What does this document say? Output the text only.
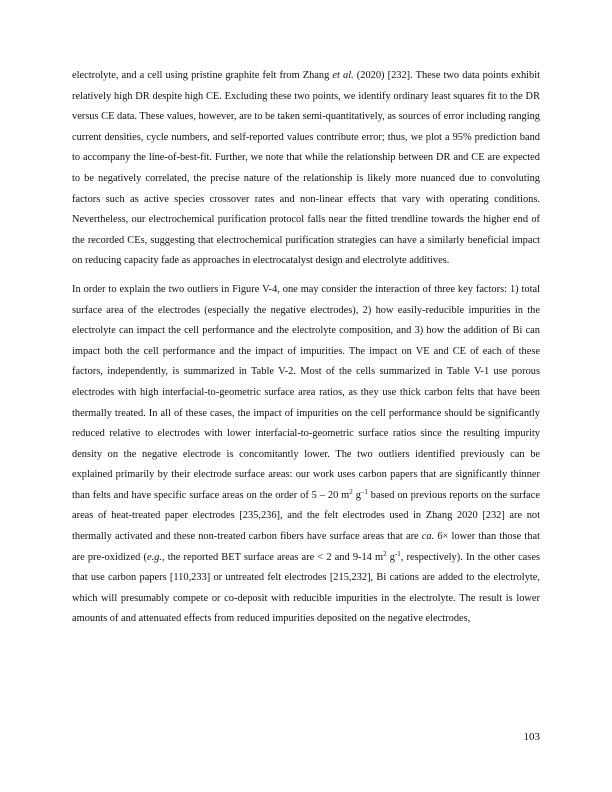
electrolyte, and a cell using pristine graphite felt from Zhang et al. (2020) [232]. These two data points exhibit relatively high DR despite high CE. Excluding these two points, we identify ordinary least squares fit to the DR versus CE data. These values, however, are to be taken semi-quantitatively, as sources of error including ranging current densities, cycle numbers, and self-reported values contribute error; thus, we plot a 95% prediction band to accompany the line-of-best-fit. Further, we note that while the relationship between DR and CE are expected to be negatively correlated, the precise nature of the relationship is likely more nuanced due to convoluting factors such as active species crossover rates and non-linear effects that vary with operating conditions. Nevertheless, our electrochemical purification protocol falls near the fitted trendline towards the higher end of the recorded CEs, suggesting that electrochemical purification strategies can have a similarly beneficial impact on reducing capacity fade as approaches in electrocatalyst design and electrolyte additives.

In order to explain the two outliers in Figure V-4, one may consider the interaction of three key factors: 1) total surface area of the electrodes (especially the negative electrodes), 2) how easily-reducible impurities in the electrolyte can impact the cell performance and the electrolyte composition, and 3) how the addition of Bi can impact both the cell performance and the impact of impurities. The impact on VE and CE of each of these factors, independently, is summarized in Table V-2. Most of the cells summarized in Table V-1 use porous electrodes with high interfacial-to-geometric surface area ratios, as they use thick carbon felts that have been thermally treated. In all of these cases, the impact of impurities on the cell performance should be significantly reduced relative to electrodes with lower interfacial-to-geometric surface ratios since the resulting impurity density on the negative electrode is concomitantly lower. The two outliers identified previously can be explained primarily by their electrode surface areas: our work uses carbon papers that are significantly thinner than felts and have specific surface areas on the order of 5 – 20 $m^2$ $g^{-1}$ based on previous reports on the surface areas of heat-treated paper electrodes [235,236], and the felt electrodes used in Zhang 2020 [232] are not thermally activated and these non-treated carbon fibers have surface areas that are ca. 6× lower than those that are pre-oxidized (e.g., the reported BET surface areas are < 2 and 9-14 $m^2$ $g^{-1}$, respectively). In the other cases that use carbon papers [110,233] or untreated felt electrodes [215,232], Bi cations are added to the electrolyte, which will presumably compete or co-deposit with reducible impurities in the electrolyte. The result is lower amounts of and attenuated effects from reduced impurities deposited on the negative electrodes,

103
